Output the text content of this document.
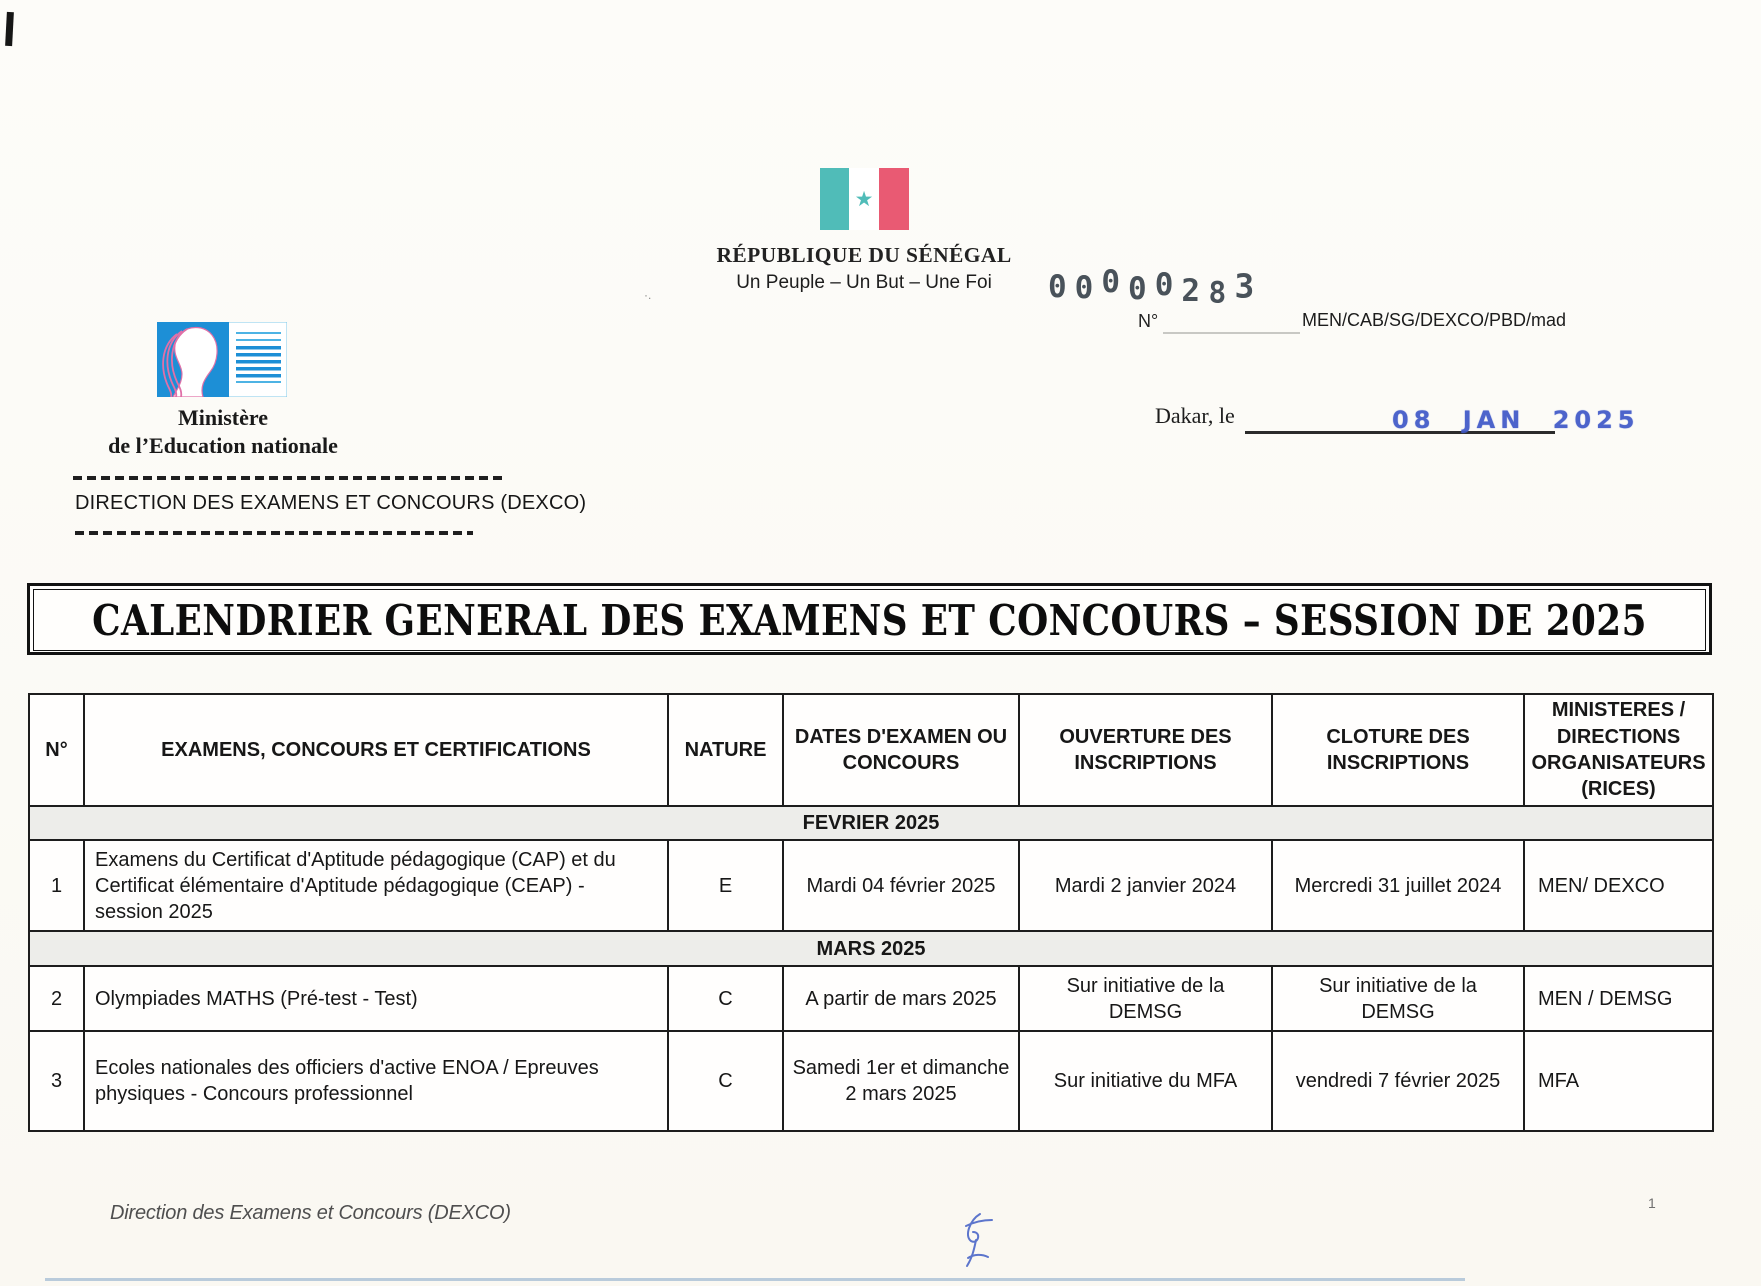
·.
★
RÉPUBLIQUE DU SÉNÉGAL
Un Peuple – Un But – Une Foi	0 0 0 0 0 2 8 3
N°	MEN/CAB/SG/DEXCO/PBD/mad
Dakar, le	08 JAN 2025
Ministère
de l’Education nationale
DIRECTION DES EXAMENS ET CONCOURS (DEXCO)
CALENDRIER GENERAL DES EXAMENS ET CONCOURS – SESSION DE 2025
N°	EXAMENS, CONCOURS ET CERTIFICATIONS	NATURE	DATES D'EXAMEN OU CONCOURS	OUVERTURE DES INSCRIPTIONS	CLOTURE DES INSCRIPTIONS	MINISTERES / DIRECTIONS ORGANISATEURS (RICES)
FEVRIER 2025						
1	Examens du Certificat d'Aptitude pédagogique (CAP) et du Certificat élémentaire d'Aptitude pédagogique (CEAP) - session 2025	E	Mardi 04 février 2025	Mardi 2 janvier 2024	Mercredi 31 juillet 2024	MEN/ DEXCO
MARS 2025						
2	Olympiades MATHS (Pré-test - Test)	C	A partir de mars 2025	Sur initiative de la DEMSG	Sur initiative de la DEMSG	MEN / DEMSG
3	Ecoles nationales des officiers d'active ENOA / Epreuves physiques - Concours professionnel	C	Samedi 1er et dimanche 2 mars 2025	Sur initiative du MFA	vendredi 7 février 2025	MFA
Direction des Examens et Concours (DEXCO)	1
